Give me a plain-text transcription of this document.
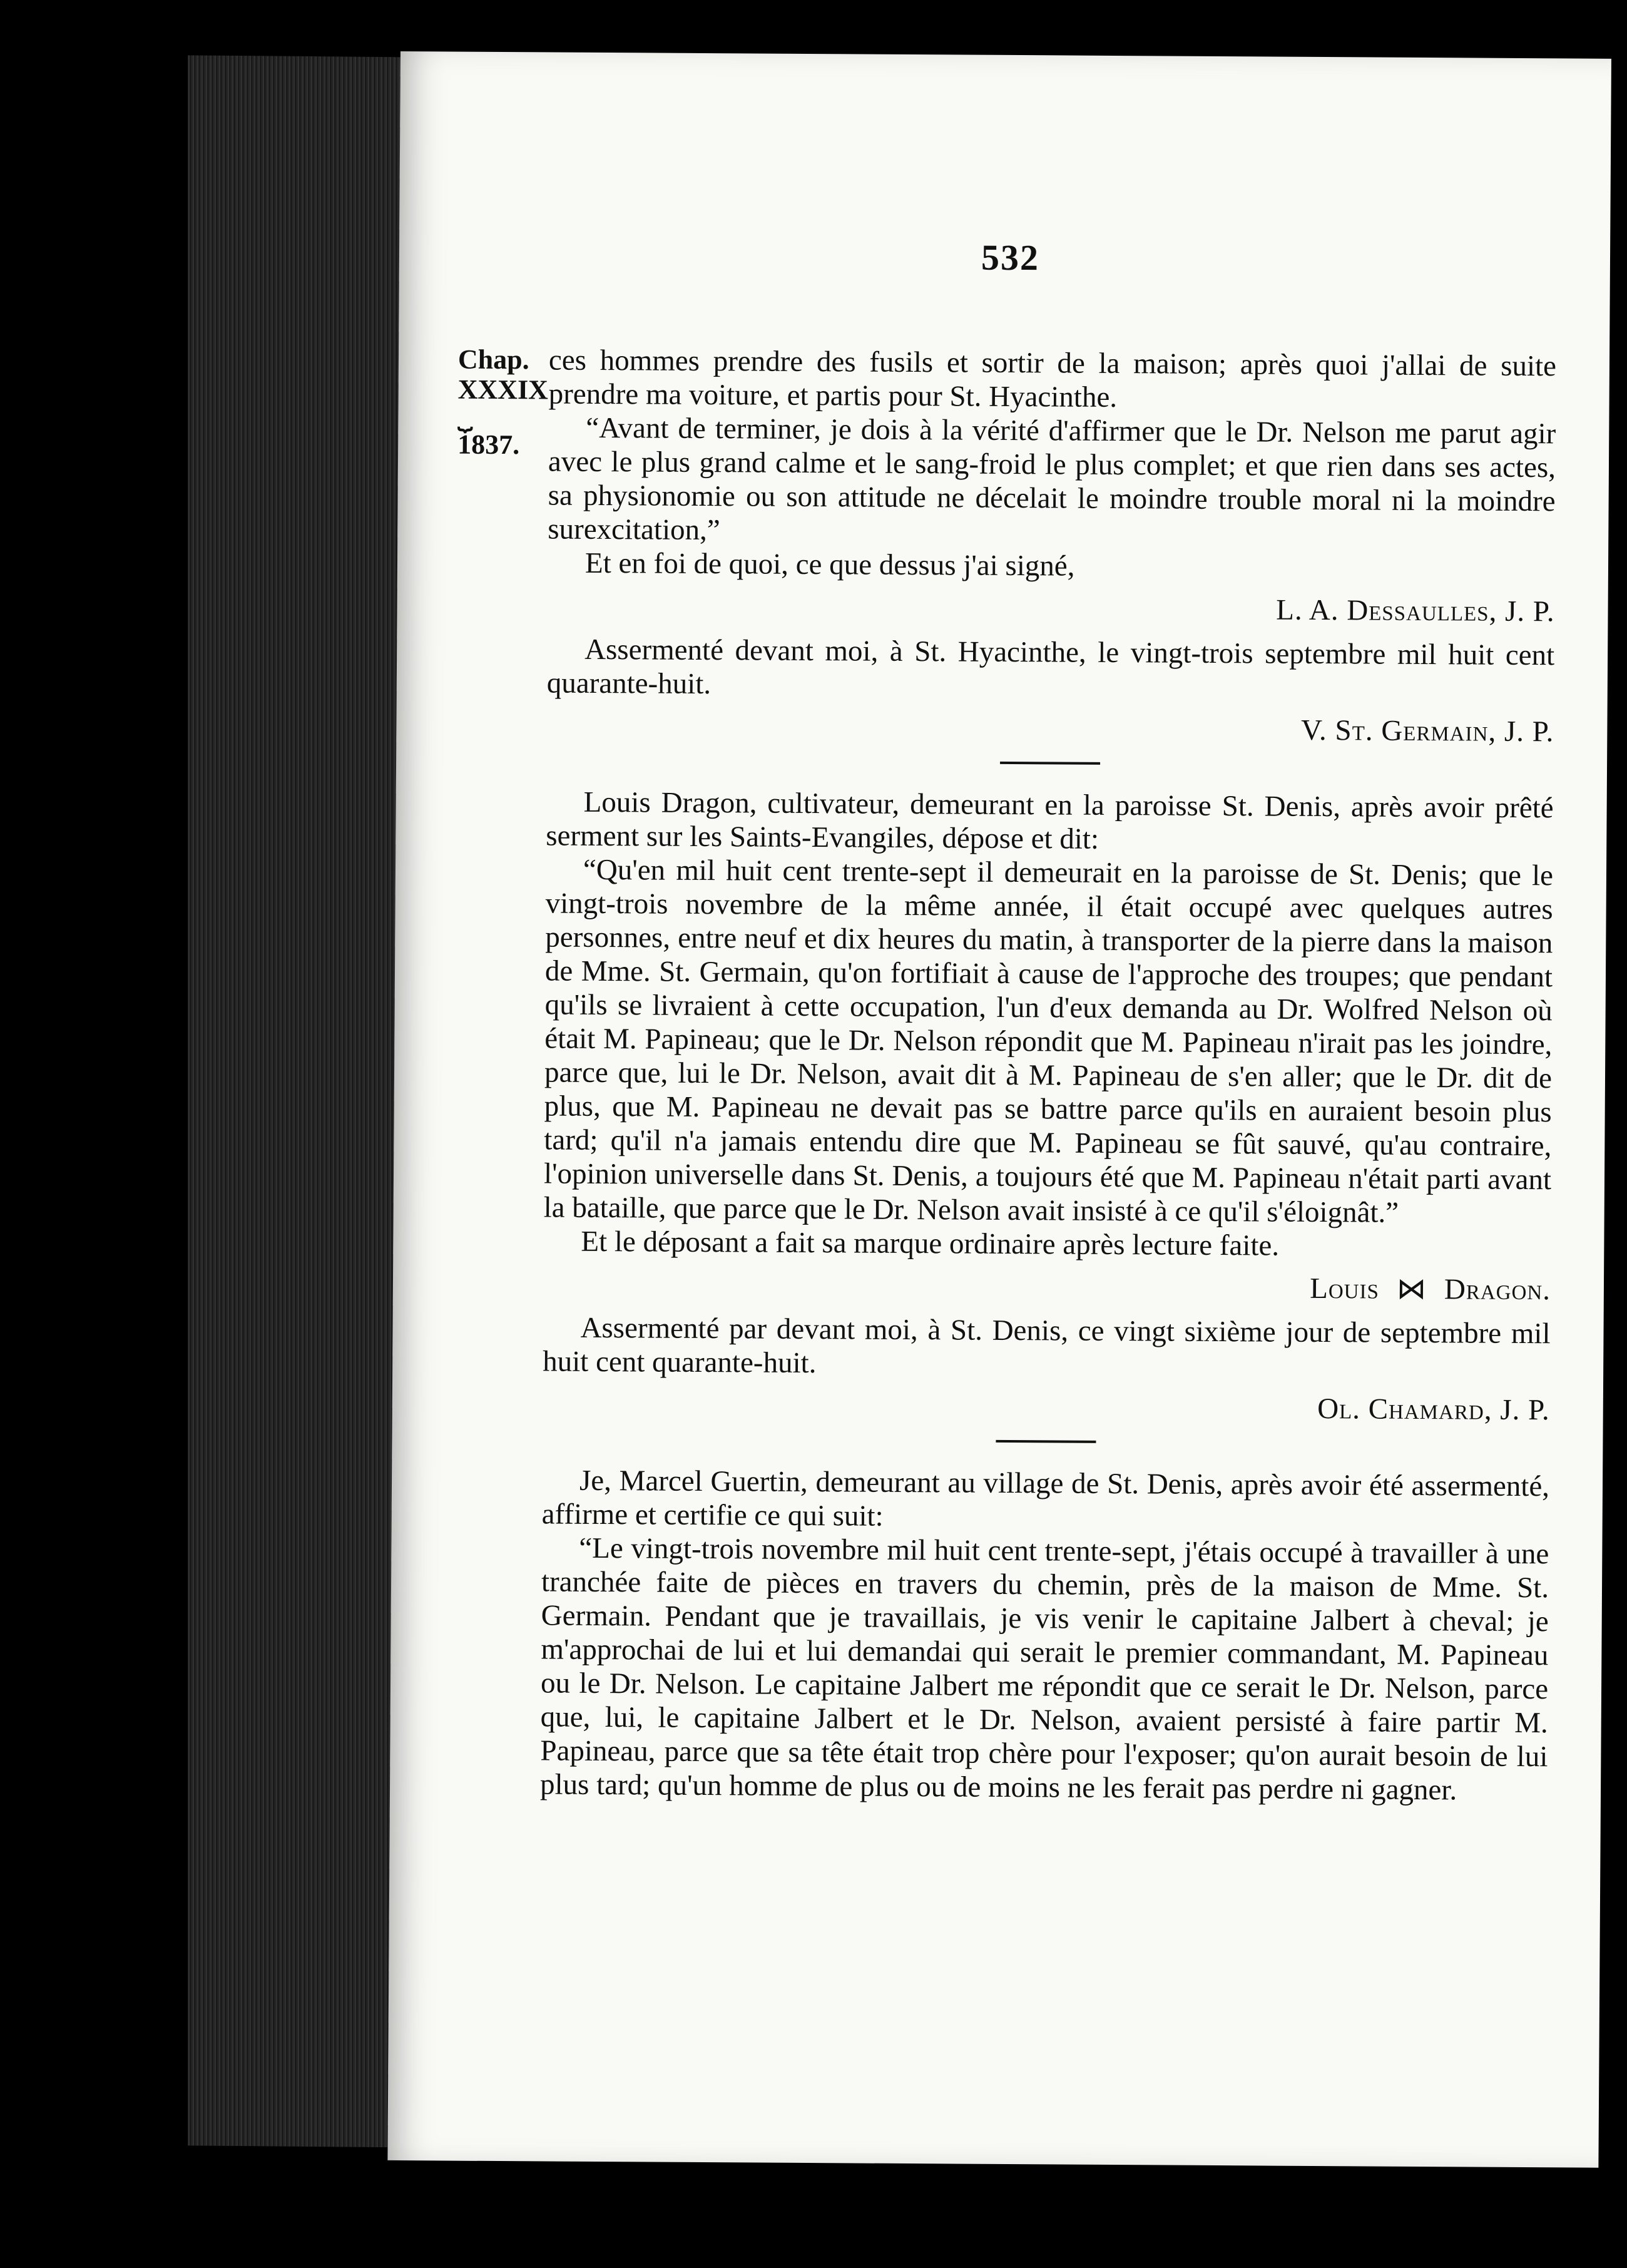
532
Chap.
XXXIX
⏟
1837.

ces hommes prendre des fusils et sortir de la maison; après quoi j'allai de suite prendre ma voiture, et partis pour St. Hyacinthe.

“Avant de terminer, je dois à la vérité d'affirmer que le Dr. Nelson me parut agir avec le plus grand calme et le sang-froid le plus complet; et que rien dans ses actes, sa physionomie ou son attitude ne décelait le moindre trouble moral ni la moindre surexcitation,”

Et en foi de quoi, ce que dessus j'ai signé,

L. A. Dessaulles, J. P.

Assermenté devant moi, à St. Hyacinthe, le vingt-trois septembre mil huit cent quarante-huit.

V. St. Germain, J. P.

Louis Dragon, cultivateur, demeurant en la paroisse St. Denis, après avoir prêté serment sur les Saints-Evangiles, dépose et dit:

“Qu'en mil huit cent trente-sept il demeurait en la paroisse de St. Denis; que le vingt-trois novembre de la même année, il était occupé avec quelques autres personnes, entre neuf et dix heures du matin, à transporter de la pierre dans la maison de Mme. St. Germain, qu'on fortifiait à cause de l'approche des troupes; que pendant qu'ils se livraient à cette occupation, l'un d'eux demanda au Dr. Wolfred Nelson où était M. Papineau; que le Dr. Nelson répondit que M. Papineau n'irait pas les joindre, parce que, lui le Dr. Nelson, avait dit à M. Papineau de s'en aller; que le Dr. dit de plus, que M. Papineau ne devait pas se battre parce qu'ils en auraient besoin plus tard; qu'il n'a jamais entendu dire que M. Papineau se fût sauvé, qu'au contraire, l'opinion universelle dans St. Denis, a toujours été que M. Papineau n'était parti avant la bataille, que parce que le Dr. Nelson avait insisté à ce qu'il s'éloignât.”

Et le déposant a fait sa marque ordinaire après lecture faite.

Louis ⋈ Dragon.

Assermenté par devant moi, à St. Denis, ce vingt sixième jour de septembre mil huit cent quarante-huit.

Ol. Chamard, J. P.

Je, Marcel Guertin, demeurant au village de St. Denis, après avoir été assermenté, affirme et certifie ce qui suit:

“Le vingt-trois novembre mil huit cent trente-sept, j'étais occupé à travailler à une tranchée faite de pièces en travers du chemin, près de la maison de Mme. St. Germain. Pendant que je travaillais, je vis venir le capitaine Jalbert à cheval; je m'approchai de lui et lui demandai qui serait le premier commandant, M. Papineau ou le Dr. Nelson. Le capitaine Jalbert me répondit que ce serait le Dr. Nelson, parce que, lui, le capitaine Jalbert et le Dr. Nelson, avaient persisté à faire partir M. Papineau, parce que sa tête était trop chère pour l'exposer; qu'on aurait besoin de lui plus tard; qu'un homme de plus ou de moins ne les ferait pas perdre ni gagner.
